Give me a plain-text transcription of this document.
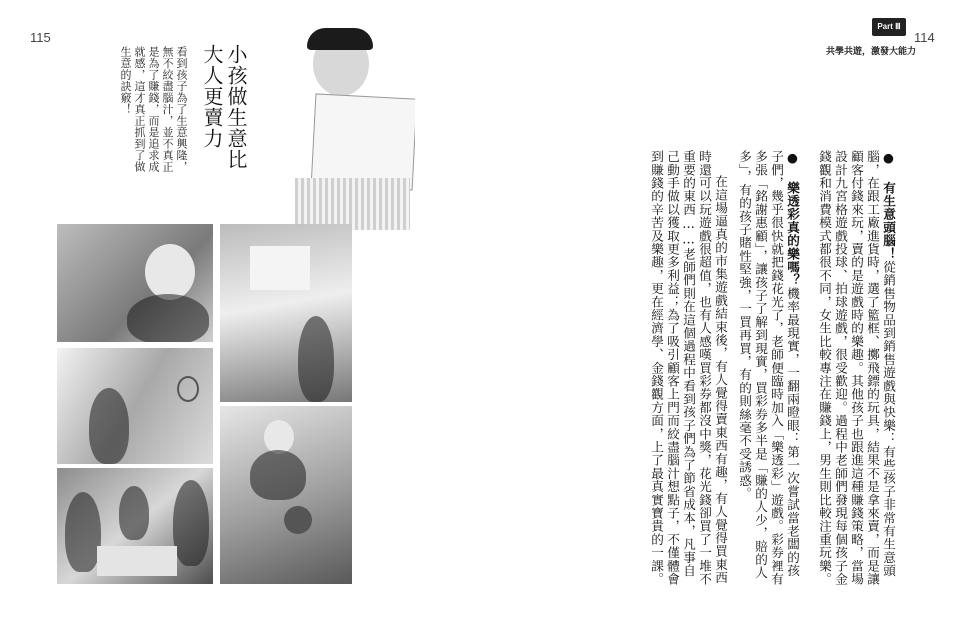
115	114
Part Ⅲ
共學共遊，激發大能力

● 有生意頭腦！從銷售物品到銷售遊戲與快樂：有些孩子非常有生意頭腦，在跟工廠進貨時，選了籃框、擲飛鏢的玩具，結果不是拿來賣，而是讓顧客付錢來玩，賣的是遊戲時的樂趣。其他孩子也跟進這種賺錢策略，當場設計九宮格遊戲投球、拍球遊戲，很受歡迎。過程中老師們發現每個孩子金錢觀和消費模式都很不同，女生比較專注在賺錢上，男生則比較注重玩樂。

● 樂透彩真的樂嗎？機率最現實，一翻兩瞪眼：第一次嘗試當老闆的孩子們，幾乎很快就把錢花光了，老師便臨時加入「樂透彩」遊戲。彩券裡有多張「銘謝惠顧」，讓孩子了解到現實，買彩券多半是「賺的人少，賠的人多」，有的孩子賭性堅強，一買再買，有的則絲毫不受誘惑。

在這場逼真的市集遊戲結束後，有人覺得賣東西有趣，有人覺得買東西時還可以玩遊戲很超值，也有人感嘆買彩券都沒中獎，花光錢卻買了一堆不重要的東西……老師們則在這個過程中看到孩子們為了節省成本，凡事自己動手做以獲取更多利益；為了吸引顧客上門而絞盡腦汁想點子，不僅體會到賺錢的辛苦及樂趣，更在經濟學、金錢觀方面，上了最真實寶貴的一課。

小孩做生意比
大人更賣力
看到孩子為了生意興隆，無不絞盡腦汁，並不真正是為了賺錢，而是追求成就感，這才真正抓到了做生意的訣竅！
